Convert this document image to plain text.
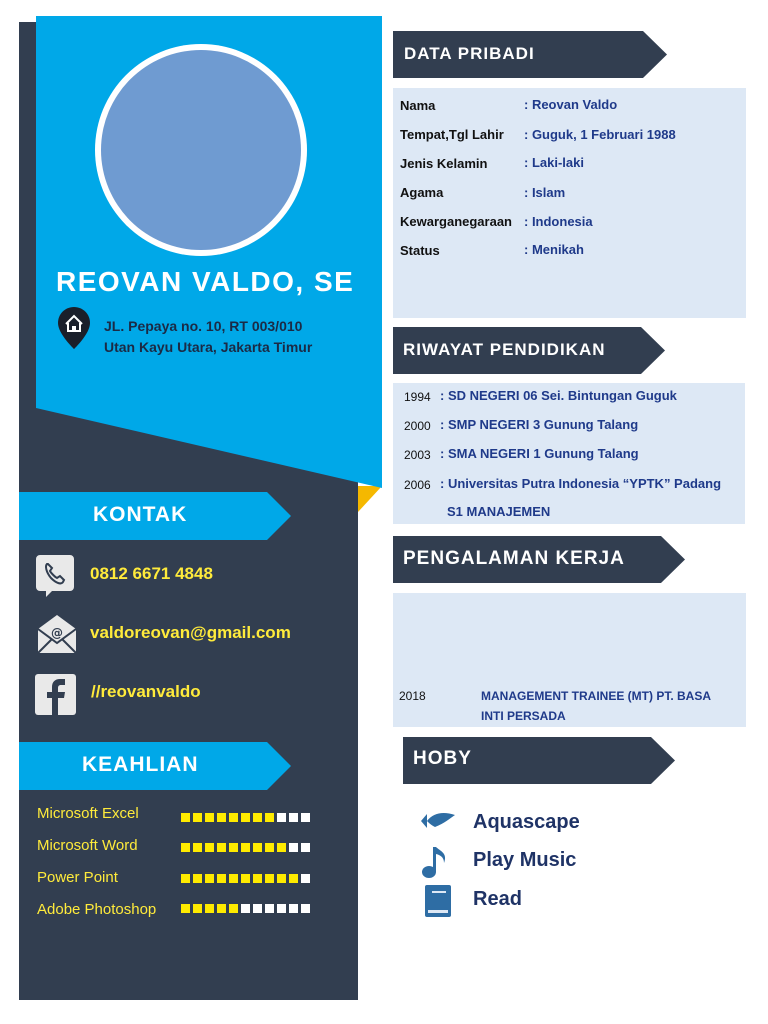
REOVAN VALDO, SE
JL. Pepaya no. 10, RT 003/010
Utan Kayu Utara, Jakarta Timur
KONTAK
0812 6671 4848
@ valdoreovan@gmail.com
//reovanvaldo
KEAHLIAN
Microsoft Excel
Microsoft Word
Power Point
Adobe Photoshop
DATA PRIBADI
Nama	: Reovan Valdo
Tempat,Tgl Lahir : Guguk, 1 Februari 1988
Jenis Kelamin	: Laki-laki
Agama	: Islam
Kewarganegaraan : Indonesia
Status	: Menikah
RIWAYAT PENDIDIKAN
1994 : SD NEGERI 06 Sei. Bintungan Guguk
2000 : SMP NEGERI 3 Gunung Talang
2003 : SMA NEGERI 1 Gunung Talang
2006 : Universitas Putra Indonesia “YPTK” Padang
S1 MANAJEMEN
PENGALAMAN KERJA
2018	MANAGEMENT TRAINEE (MT) PT. BASA
INTI PERSADA
HOBY
Aquascape
Play Music
Read
